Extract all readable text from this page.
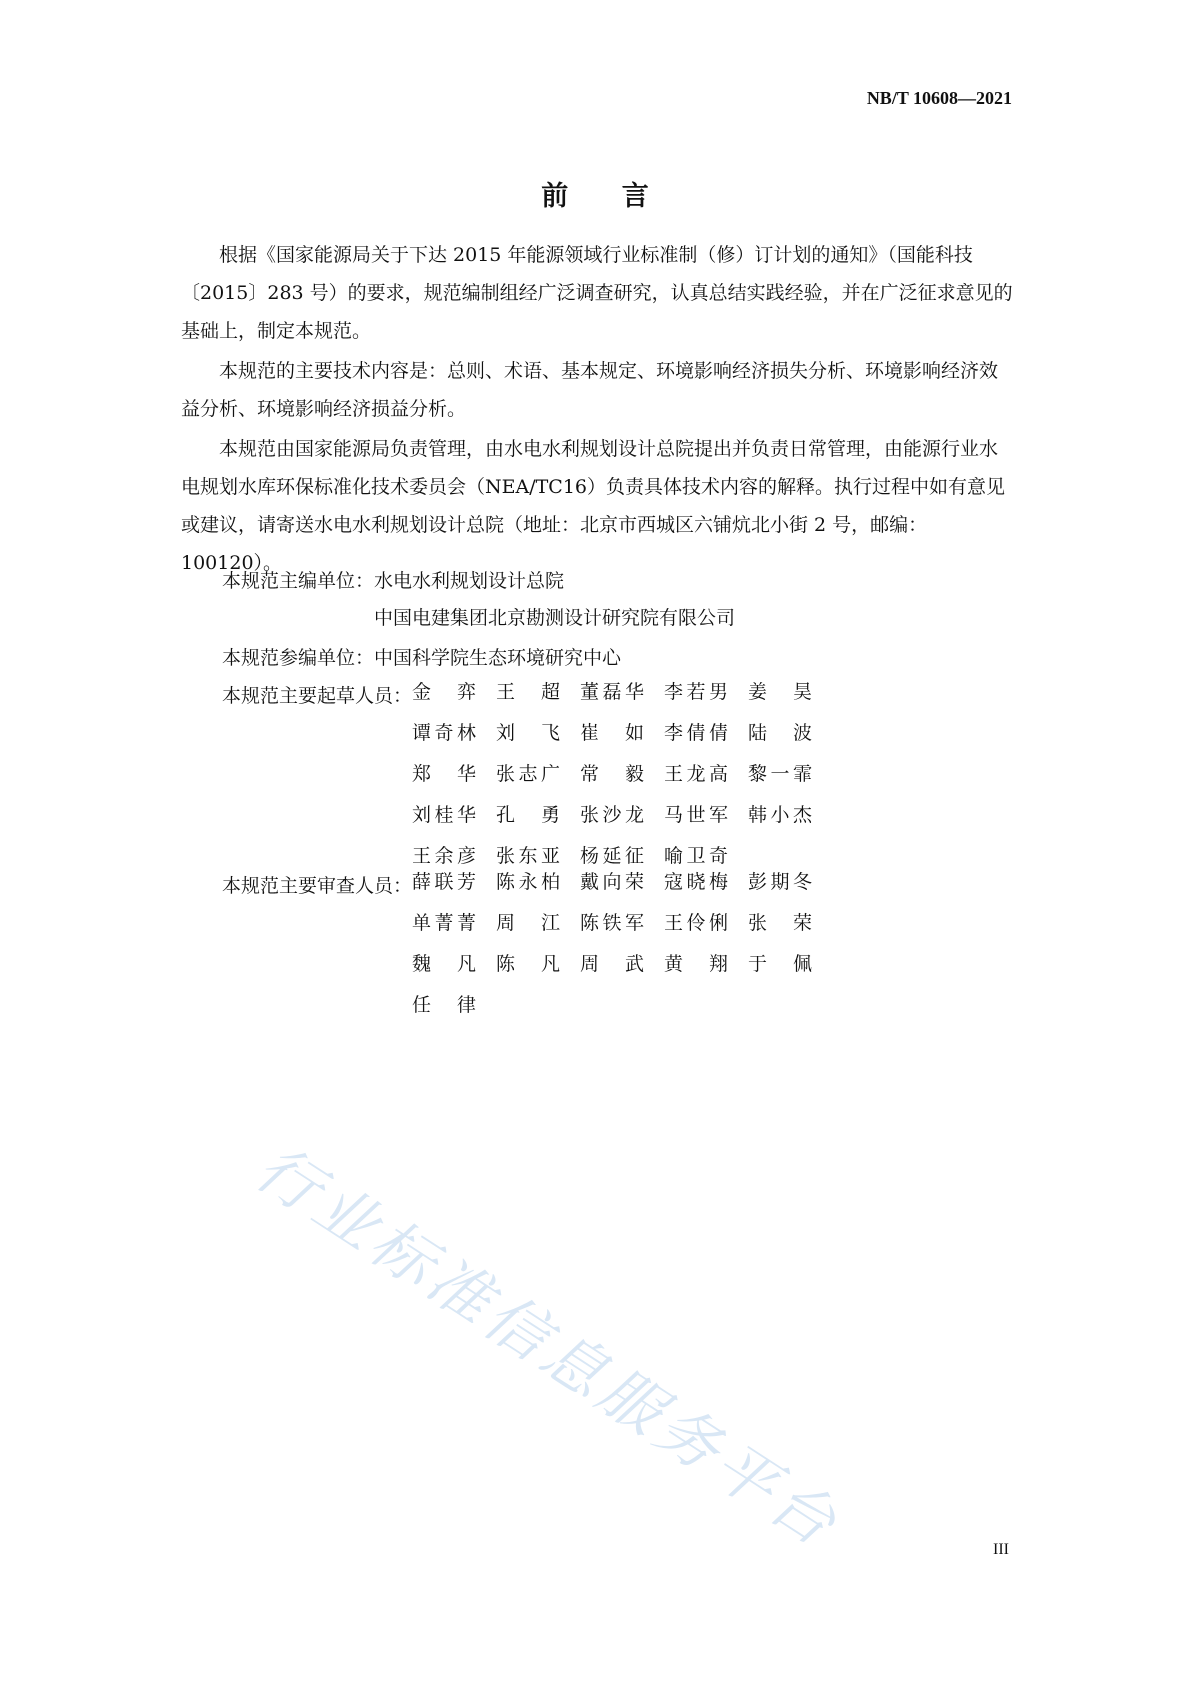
NB/T 10608—2021
前 言

根据《国家能源局关于下达 2015 年能源领域行业标准制（修）订计划的通知》（国能科技〔2015〕283 号）的要求，规范编制组经广泛调查研究，认真总结实践经验，并在广泛征求意见的基础上，制定本规范。

本规范的主要技术内容是：总则、术语、基本规定、环境影响经济损失分析、环境影响经济效益分析、环境影响经济损益分析。

本规范由国家能源局负责管理，由水电水利规划设计总院提出并负责日常管理，由能源行业水电规划水库环保标准化技术委员会（NEA/TC16）负责具体技术内容的解释。执行过程中如有意见或建议，请寄送水电水利规划设计总院（地址：北京市西城区六铺炕北小街 2 号，邮编：100120）。

本规范主编单位： 水电水利规划设计总院
中国电建集团北京勘测设计研究院有限公司
本规范参编单位： 中国科学院生态环境研究中心
本规范主要起草人员： 金　弈 王　超 董磊华 李若男 姜　昊
谭奇林 刘　飞 崔　如 李倩倩 陆　波
郑　华 张志广 常　毅 王龙高 黎一霏
刘桂华 孔　勇 张沙龙 马世军 韩小杰
王余彦 张东亚 杨延征 喻卫奇
本规范主要审查人员： 薛联芳 陈永柏 戴向荣 寇晓梅 彭期冬
单菁菁 周　江 陈铁军 王伶俐 张　荣
魏　凡 陈　凡 周　武 黄　翔 于　佩
任　律
行业标准信息服务平台	III
